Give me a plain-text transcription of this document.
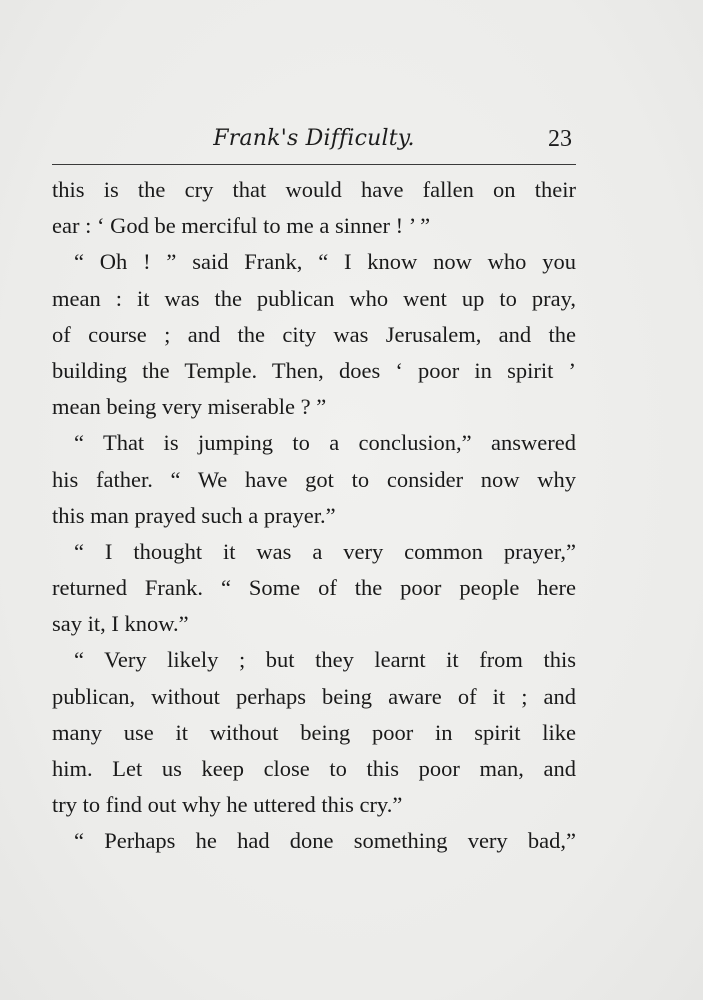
Frank's Difficulty.	23
this is the cry that would have fallen on their
ear : ‘ God be merciful to me a sinner ! ’ ”
“ Oh ! ” said Frank, “ I know now who you
mean : it was the publican who went up to pray,
of course ; and the city was Jerusalem, and the
building the Temple. Then, does ‘ poor in spirit ’
mean being very miserable ? ”
“ That is jumping to a conclusion,” answered
his father. “ We have got to consider now why
this man prayed such a prayer.”
“ I thought it was a very common prayer,”
returned Frank. “ Some of the poor people here
say it, I know.”
“ Very likely ; but they learnt it from this
publican, without perhaps being aware of it ; and
many use it without being poor in spirit like
him. Let us keep close to this poor man, and
try to find out why he uttered this cry.”
“ Perhaps he had done something very bad,”
